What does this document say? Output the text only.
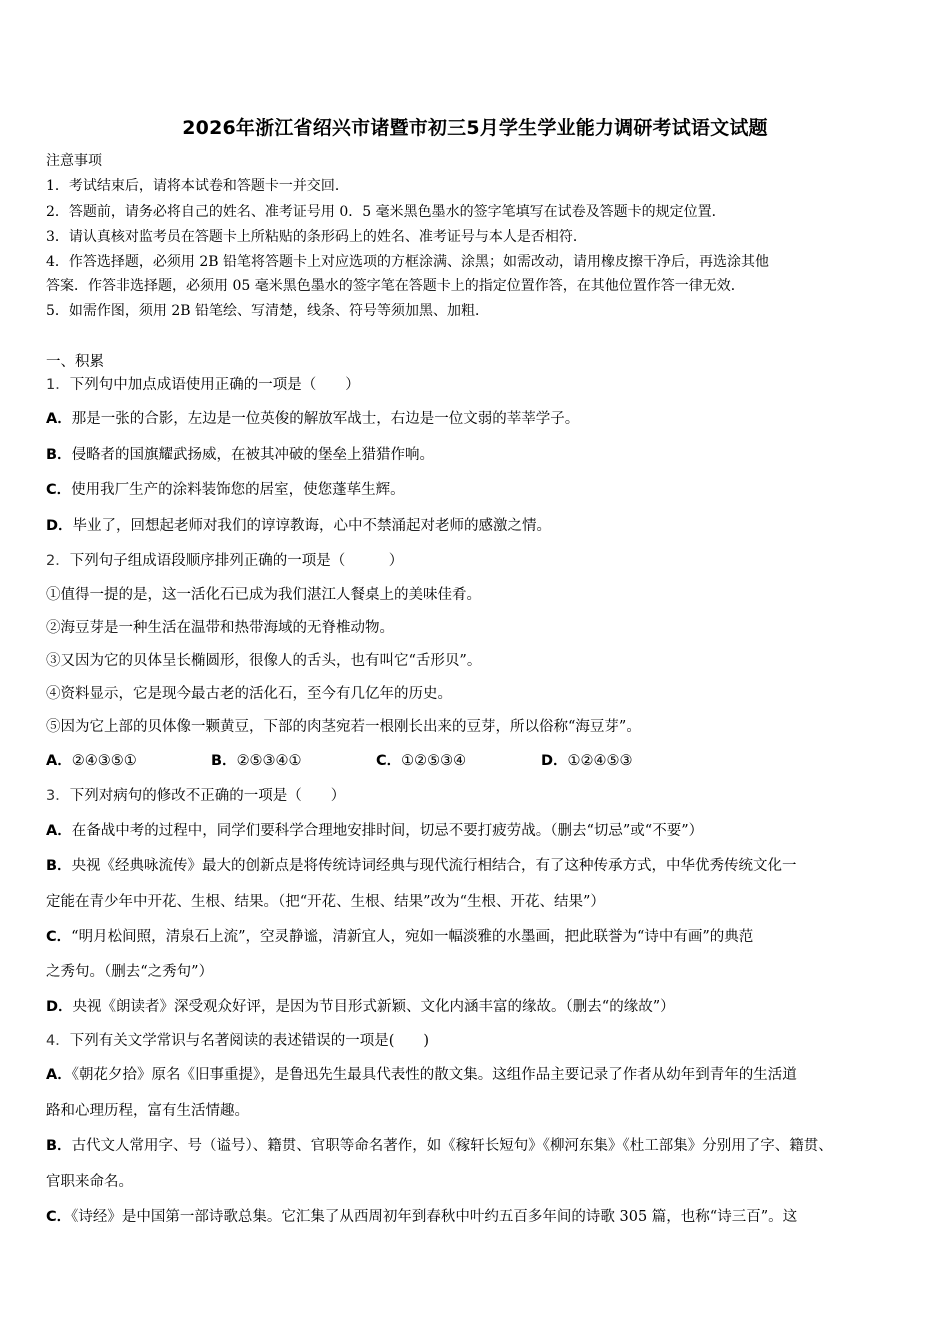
2026年浙江省绍兴市诸暨市初三5月学生学业能力调研考试语文试题
注意事项
1．考试结束后，请将本试卷和答题卡一并交回．
2．答题前，请务必将自己的姓名、准考证号用 0．5 毫米黑色墨水的签字笔填写在试卷及答题卡的规定位置．
3．请认真核对监考员在答题卡上所粘贴的条形码上的姓名、准考证号与本人是否相符．
4．作答选择题，必须用 2B 铅笔将答题卡上对应选项的方框涂满、涂黑；如需改动，请用橡皮擦干净后，再选涂其他
答案．作答非选择题，必须用 05 毫米黑色墨水的签字笔在答题卡上的指定位置作答，在其他位置作答一律无效．
5．如需作图，须用 2B 铅笔绘、写清楚，线条、符号等须加黑、加粗．
一、积累
1．下列句中加点成语使用正确的一项是（　　）
A．那是一张的合影，左边是一位英俊的解放军战士，右边是一位文弱的莘莘学子。
B．侵略者的国旗耀武扬威，在被其冲破的堡垒上猎猎作响。
C．使用我厂生产的涂料装饰您的居室，使您蓬荜生辉。
D．毕业了，回想起老师对我们的谆谆教诲，心中不禁涌起对老师的感激之情。
2．下列句子组成语段顺序排列正确的一项是（　　　）
①值得一提的是，这一活化石已成为我们湛江人餐桌上的美味佳肴。
②海豆芽是一种生活在温带和热带海域的无脊椎动物。
③又因为它的贝体呈长椭圆形，很像人的舌头，也有叫它“舌形贝”。
④资料显示，它是现今最古老的活化石，至今有几亿年的历史。
⑤因为它上部的贝体像一颗黄豆，下部的肉茎宛若一根刚长出来的豆芽，所以俗称“海豆芽”。
A．②④③⑤①	B．②⑤③④①	C．①②⑤③④	D．①②④⑤③
3．下列对病句的修改不正确的一项是（　　）
A．在备战中考的过程中，同学们要科学合理地安排时间，切忌不要打疲劳战。（删去“切忌”或“不要”）
B．央视《经典咏流传》最大的创新点是将传统诗词经典与现代流行相结合，有了这种传承方式，中华优秀传统文化一
定能在青少年中开花、生根、结果。（把“开花、生根、结果”改为“生根、开花、结果”）
C．“明月松间照，清泉石上流”，空灵静谧，清新宜人，宛如一幅淡雅的水墨画，把此联誉为“诗中有画”的典范
之秀句。（删去“之秀句”）
D．央视《朗读者》深受观众好评，是因为节目形式新颖、文化内涵丰富的缘故。（删去“的缘故”）
4．下列有关文学常识与名著阅读的表述错误的一项是(　　)
A．《朝花夕拾》原名《旧事重提》，是鲁迅先生最具代表性的散文集。这组作品主要记录了作者从幼年到青年的生活道
路和心理历程，富有生活情趣。
B．古代文人常用字、号（谥号）、籍贯、官职等命名著作，如《稼轩长短句》《柳河东集》《杜工部集》分别用了字、籍贯、
官职来命名。
C．《诗经》是中国第一部诗歌总集。它汇集了从西周初年到春秋中叶约五百多年间的诗歌 305 篇，也称“诗三百”。这
